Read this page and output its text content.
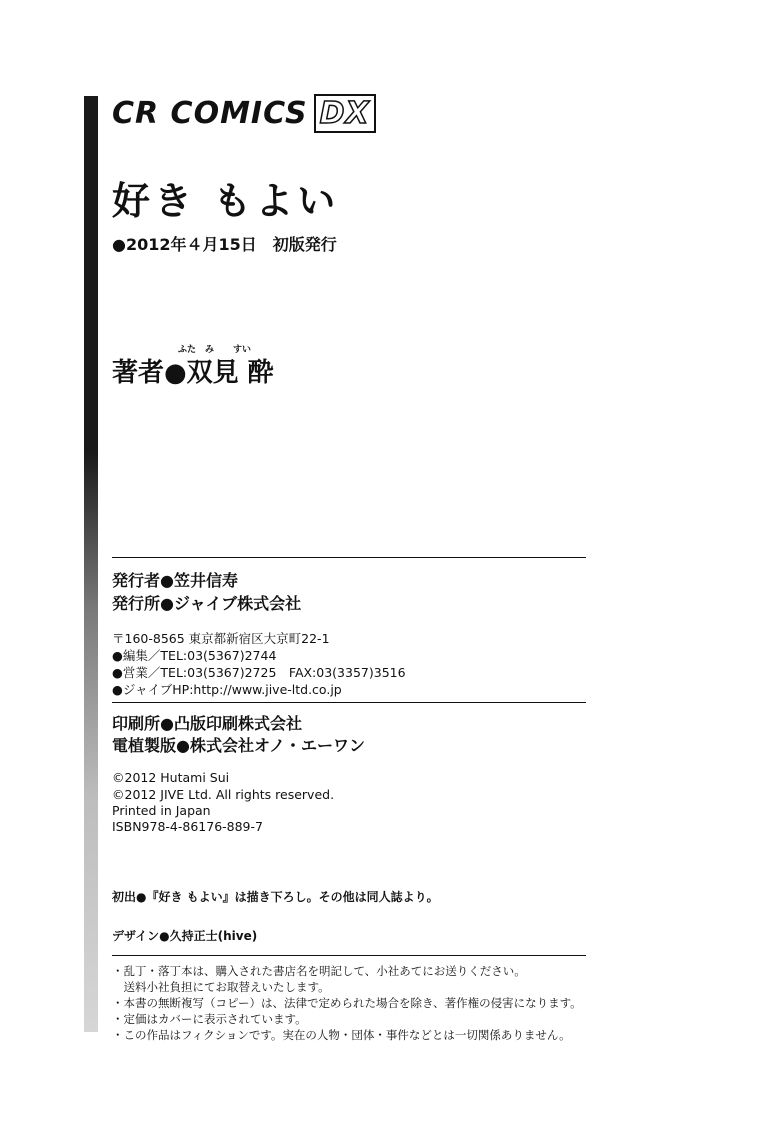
CR COMICS DX
好き もよい
●2012年４月15日　初版発行
ふた　み すい
著者●双見 酔
発行者●笠井信寿
発行所●ジャイブ株式会社
〒160-8565 東京都新宿区大京町22-1
●編集／TEL:03(5367)2744
●営業／TEL:03(5367)2725　FAX:03(3357)3516
●ジャイブHP:http://www.jive-ltd.co.jp
印刷所●凸版印刷株式会社
電植製版●株式会社オノ・エーワン
©2012 Hutami Sui
©2012 JIVE Ltd. All rights reserved.
Printed in Japan
ISBN978-4-86176-889-7
初出●『好き もよい』は描き下ろし。その他は同人誌より。
デザイン●久持正士(hive)
・乱丁・落丁本は、購入された書店名を明記して、小社あてにお送りください。
　送料小社負担にてお取替えいたします。
・本書の無断複写（コピー）は、法律で定められた場合を除き、著作権の侵害になります。
・定価はカバーに表示されています。
・この作品はフィクションです。実在の人物・団体・事件などとは一切関係ありません。
